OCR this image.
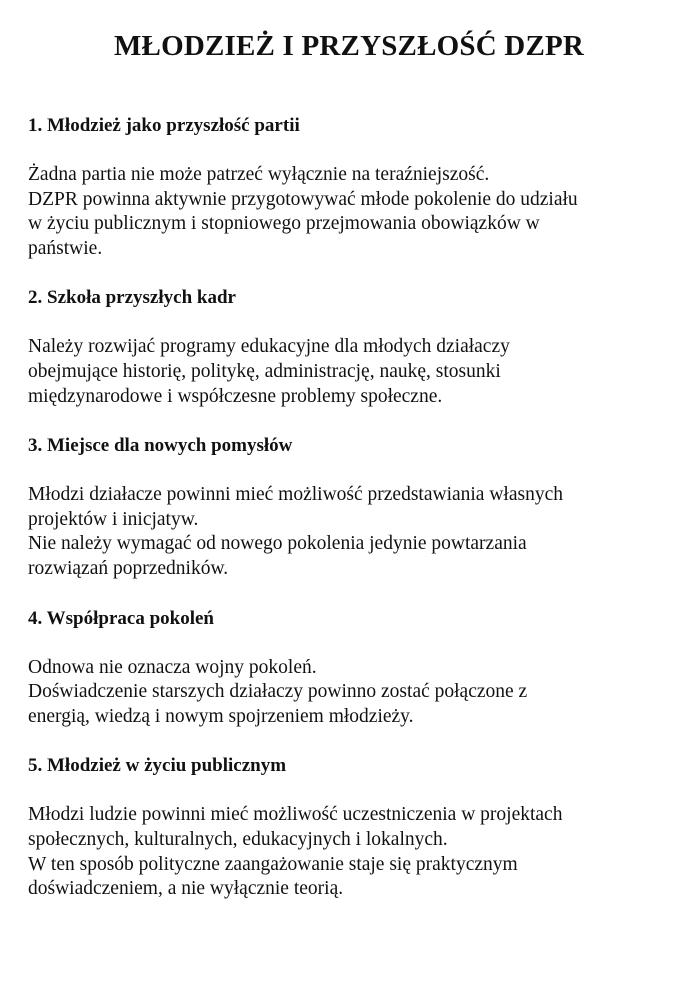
MŁODZIEŻ I PRZYSZŁOŚĆ DZPR
1. Młodzież jako przyszłość partii
Żadna partia nie może patrzeć wyłącznie na teraźniejszość.
DZPR powinna aktywnie przygotowywać młode pokolenie do udziału
w życiu publicznym i stopniowego przejmowania obowiązków w
państwie.
2. Szkoła przyszłych kadr
Należy rozwijać programy edukacyjne dla młodych działaczy
obejmujące historię, politykę, administrację, naukę, stosunki
międzynarodowe i współczesne problemy społeczne.
3. Miejsce dla nowych pomysłów
Młodzi działacze powinni mieć możliwość przedstawiania własnych
projektów i inicjatyw.
Nie należy wymagać od nowego pokolenia jedynie powtarzania
rozwiązań poprzedników.
4. Współpraca pokoleń
Odnowa nie oznacza wojny pokoleń.
Doświadczenie starszych działaczy powinno zostać połączone z
energią, wiedzą i nowym spojrzeniem młodzieży.
5. Młodzież w życiu publicznym
Młodzi ludzie powinni mieć możliwość uczestniczenia w projektach
społecznych, kulturalnych, edukacyjnych i lokalnych.
W ten sposób polityczne zaangażowanie staje się praktycznym
doświadczeniem, a nie wyłącznie teorią.
